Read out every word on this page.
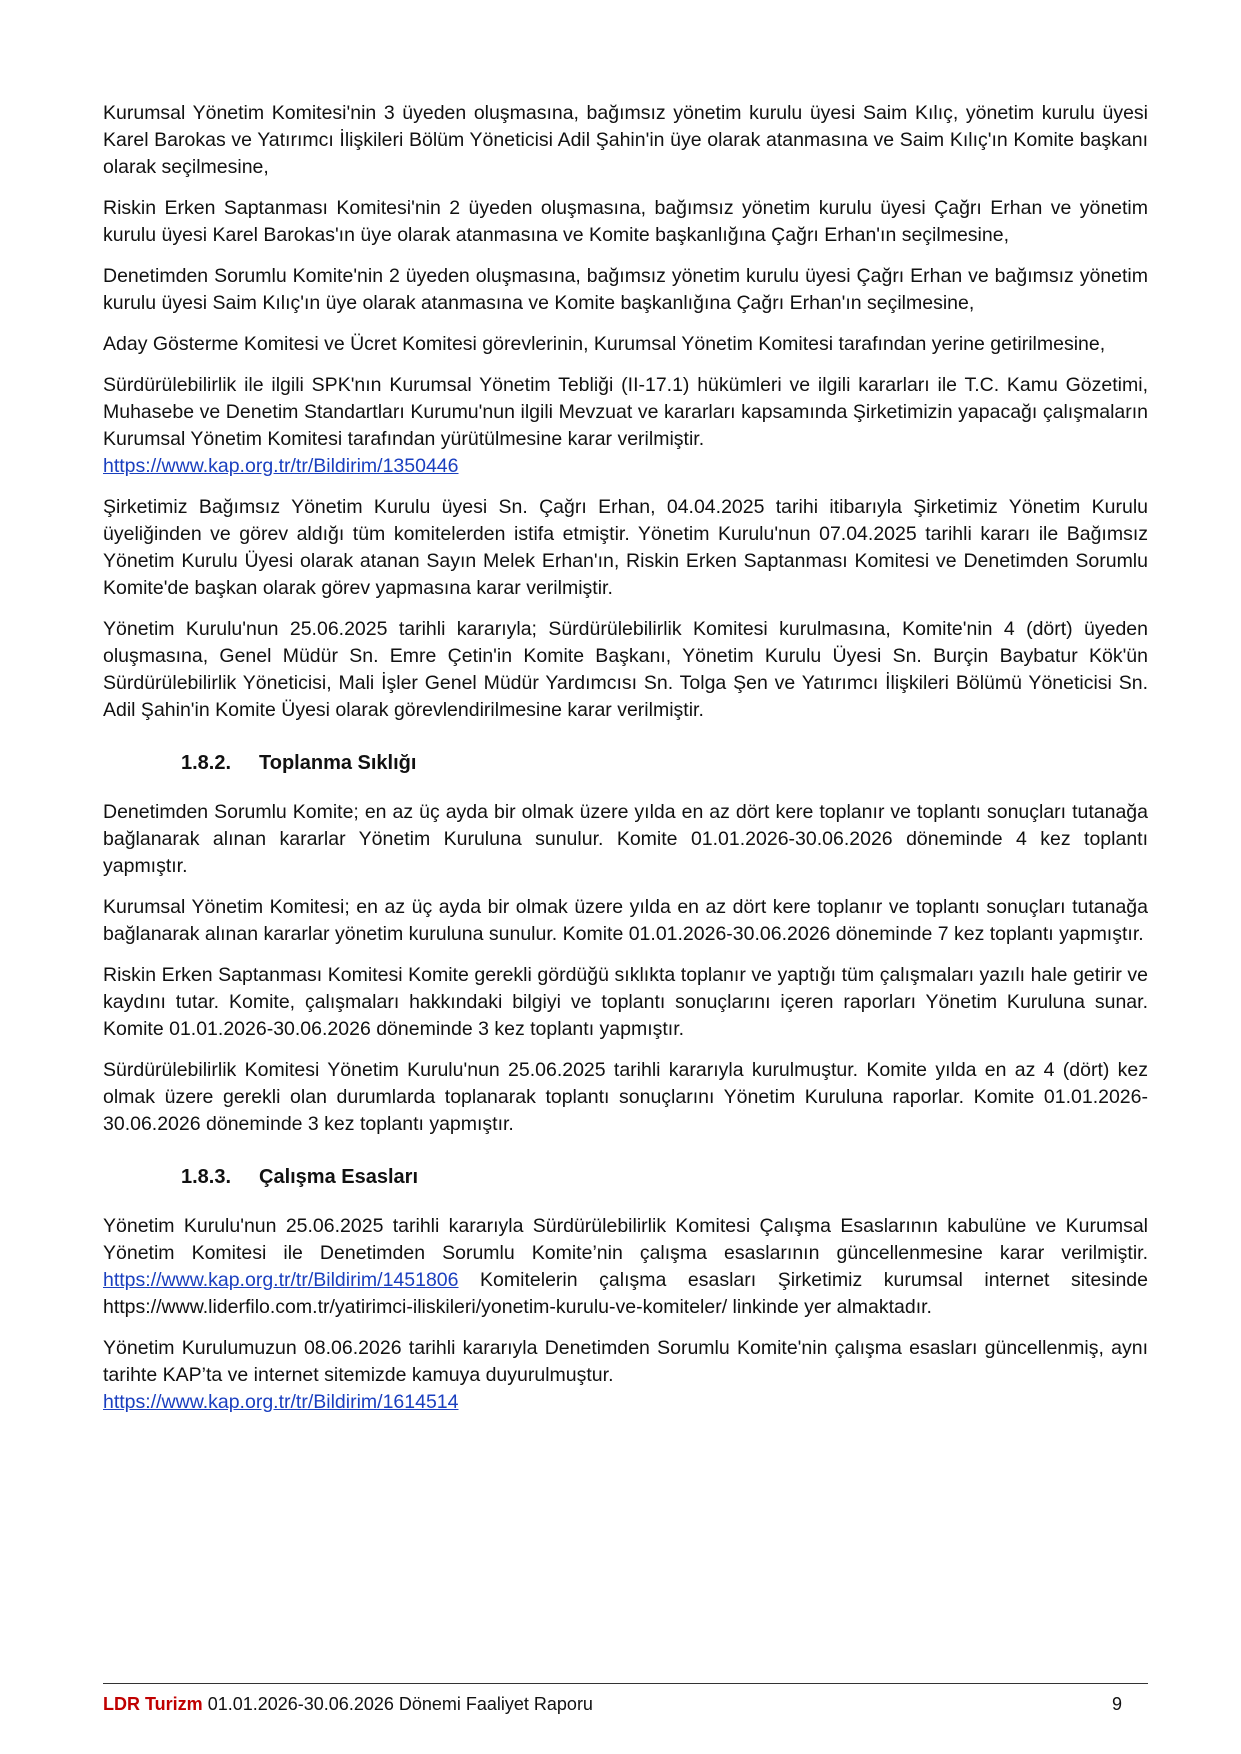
Kurumsal Yönetim Komitesi'nin 3 üyeden oluşmasına, bağımsız yönetim kurulu üyesi Saim Kılıç, yönetim kurulu üyesi Karel Barokas ve Yatırımcı İlişkileri Bölüm Yöneticisi Adil Şahin'in üye olarak atanmasına ve Saim Kılıç'ın Komite başkanı olarak seçilmesine,

Riskin Erken Saptanması Komitesi'nin 2 üyeden oluşmasına, bağımsız yönetim kurulu üyesi Çağrı Erhan ve yönetim kurulu üyesi Karel Barokas'ın üye olarak atanmasına ve Komite başkanlığına Çağrı Erhan'ın seçilmesine,

Denetimden Sorumlu Komite'nin 2 üyeden oluşmasına, bağımsız yönetim kurulu üyesi Çağrı Erhan ve bağımsız yönetim kurulu üyesi Saim Kılıç'ın üye olarak atanmasına ve Komite başkanlığına Çağrı Erhan'ın seçilmesine,

Aday Gösterme Komitesi ve Ücret Komitesi görevlerinin, Kurumsal Yönetim Komitesi tarafından yerine getirilmesine,

Sürdürülebilirlik ile ilgili SPK'nın Kurumsal Yönetim Tebliği (II-17.1) hükümleri ve ilgili kararları ile T.C. Kamu Gözetimi, Muhasebe ve Denetim Standartları Kurumu'nun ilgili Mevzuat ve kararları kapsamında Şirketimizin yapacağı çalışmaların Kurumsal Yönetim Komitesi tarafından yürütülmesine karar verilmiştir.
https://www.kap.org.tr/tr/Bildirim/1350446

Şirketimiz Bağımsız Yönetim Kurulu üyesi Sn. Çağrı Erhan, 04.04.2025 tarihi itibarıyla Şirketimiz Yönetim Kurulu üyeliğinden ve görev aldığı tüm komitelerden istifa etmiştir. Yönetim Kurulu'nun 07.04.2025 tarihli kararı ile Bağımsız Yönetim Kurulu Üyesi olarak atanan Sayın Melek Erhan'ın, Riskin Erken Saptanması Komitesi ve Denetimden Sorumlu Komite'de başkan olarak görev yapmasına karar verilmiştir.

Yönetim Kurulu'nun 25.06.2025 tarihli kararıyla; Sürdürülebilirlik Komitesi kurulmasına, Komite'nin 4 (dört) üyeden oluşmasına, Genel Müdür Sn. Emre Çetin'in Komite Başkanı, Yönetim Kurulu Üyesi Sn. Burçin Baybatur Kök'ün Sürdürülebilirlik Yöneticisi, Mali İşler Genel Müdür Yardımcısı Sn. Tolga Şen ve Yatırımcı İlişkileri Bölümü Yöneticisi Sn. Adil Şahin'in Komite Üyesi olarak görevlendirilmesine karar verilmiştir.

1.8.2. Toplanma Sıklığı

Denetimden Sorumlu Komite; en az üç ayda bir olmak üzere yılda en az dört kere toplanır ve toplantı sonuçları tutanağa bağlanarak alınan kararlar Yönetim Kuruluna sunulur. Komite 01.01.2026-30.06.2026 döneminde 4 kez toplantı yapmıştır.

Kurumsal Yönetim Komitesi; en az üç ayda bir olmak üzere yılda en az dört kere toplanır ve toplantı sonuçları tutanağa bağlanarak alınan kararlar yönetim kuruluna sunulur. Komite 01.01.2026-30.06.2026 döneminde 7 kez toplantı yapmıştır.

Riskin Erken Saptanması Komitesi Komite gerekli gördüğü sıklıkta toplanır ve yaptığı tüm çalışmaları yazılı hale getirir ve kaydını tutar. Komite, çalışmaları hakkındaki bilgiyi ve toplantı sonuçlarını içeren raporları Yönetim Kuruluna sunar. Komite 01.01.2026-30.06.2026 döneminde 3 kez toplantı yapmıştır.

Sürdürülebilirlik Komitesi Yönetim Kurulu'nun 25.06.2025 tarihli kararıyla kurulmuştur. Komite yılda en az 4 (dört) kez olmak üzere gerekli olan durumlarda toplanarak toplantı sonuçlarını Yönetim Kuruluna raporlar. Komite 01.01.2026-30.06.2026 döneminde 3 kez toplantı yapmıştır.

1.8.3. Çalışma Esasları

Yönetim Kurulu'nun 25.06.2025 tarihli kararıyla Sürdürülebilirlik Komitesi Çalışma Esaslarının kabulüne ve Kurumsal Yönetim Komitesi ile Denetimden Sorumlu Komite’nin çalışma esaslarının güncellenmesine karar verilmiştir. https://www.kap.org.tr/tr/Bildirim/1451806 Komitelerin çalışma esasları Şirketimiz kurumsal internet sitesinde https://www.liderfilo.com.tr/yatirimci-iliskileri/yonetim-kurulu-ve-komiteler/ linkinde yer almaktadır.

Yönetim Kurulumuzun 08.06.2026 tarihli kararıyla Denetimden Sorumlu Komite'nin çalışma esasları güncellenmiş, aynı tarihte KAP’ta ve internet sitemizde kamuya duyurulmuştur.
https://www.kap.org.tr/tr/Bildirim/1614514

LDR Turizm 01.01.2026-30.06.2026 Dönemi Faaliyet Raporu	9
